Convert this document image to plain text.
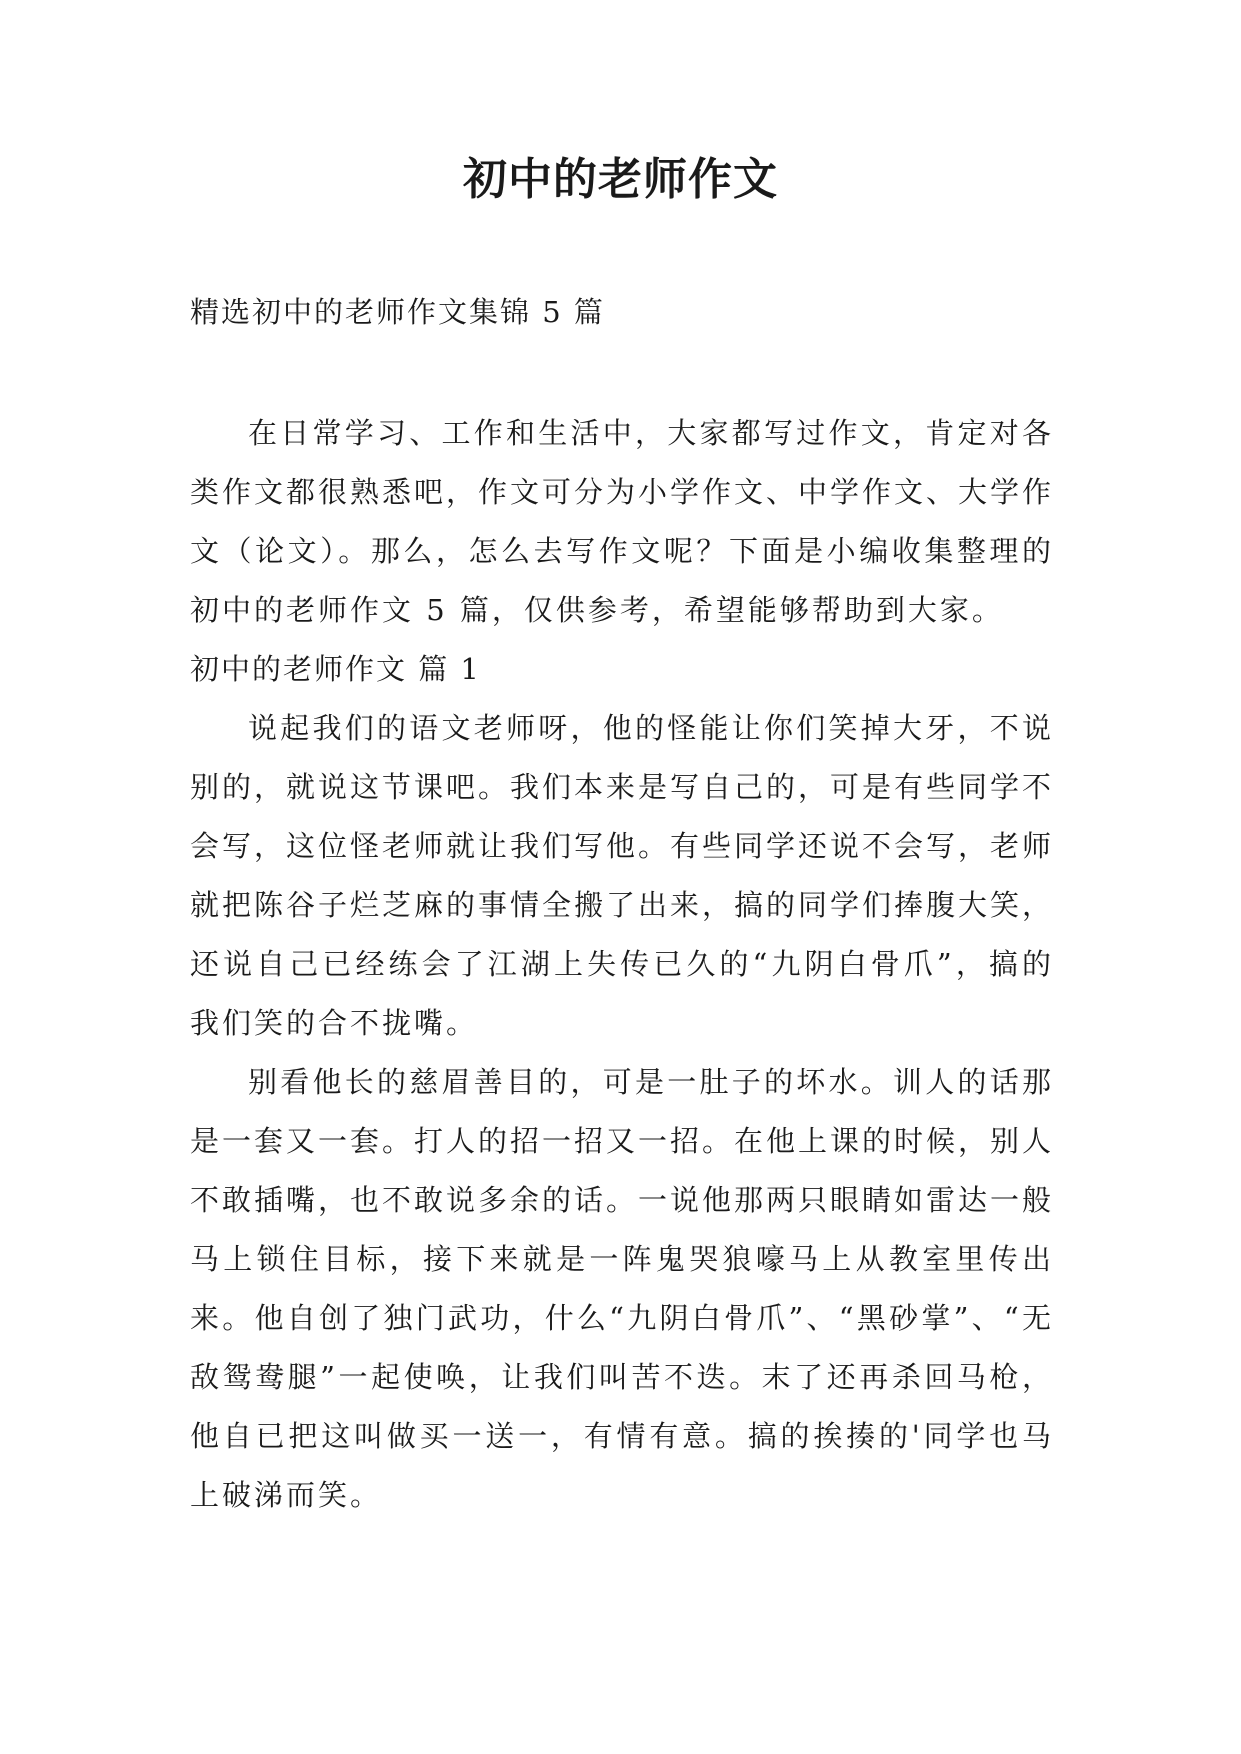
初中的老师作文
精选初中的老师作文集锦 5 篇

在日常学习、工作和生活中，大家都写过作文，肯定对各类作文都很熟悉吧，作文可分为小学作文、中学作文、大学作文（论文）。那么，怎么去写作文呢？下面是小编收集整理的初中的老师作文 5 篇，仅供参考，希望能够帮助到大家。

初中的老师作文 篇 1

说起我们的语文老师呀，他的怪能让你们笑掉大牙，不说别的，就说这节课吧。我们本来是写自己的，可是有些同学不会写，这位怪老师就让我们写他。有些同学还说不会写，老师就把陈谷子烂芝麻的事情全搬了出来，搞的同学们捧腹大笑，还说自己已经练会了江湖上失传已久的“九阴白骨爪”，搞的我们笑的合不拢嘴。

别看他长的慈眉善目的，可是一肚子的坏水。训人的话那是一套又一套。打人的招一招又一招。在他上课的时候，别人不敢插嘴，也不敢说多余的话。一说他那两只眼睛如雷达一般马上锁住目标，接下来就是一阵鬼哭狼嚎马上从教室里传出来。他自创了独门武功，什么“九阴白骨爪”、“黑砂掌”、“无敌鸳鸯腿”一起使唤，让我们叫苦不迭。末了还再杀回马枪，他自已把这叫做买一送一，有情有意。搞的挨揍的'同学也马上破涕而笑。
